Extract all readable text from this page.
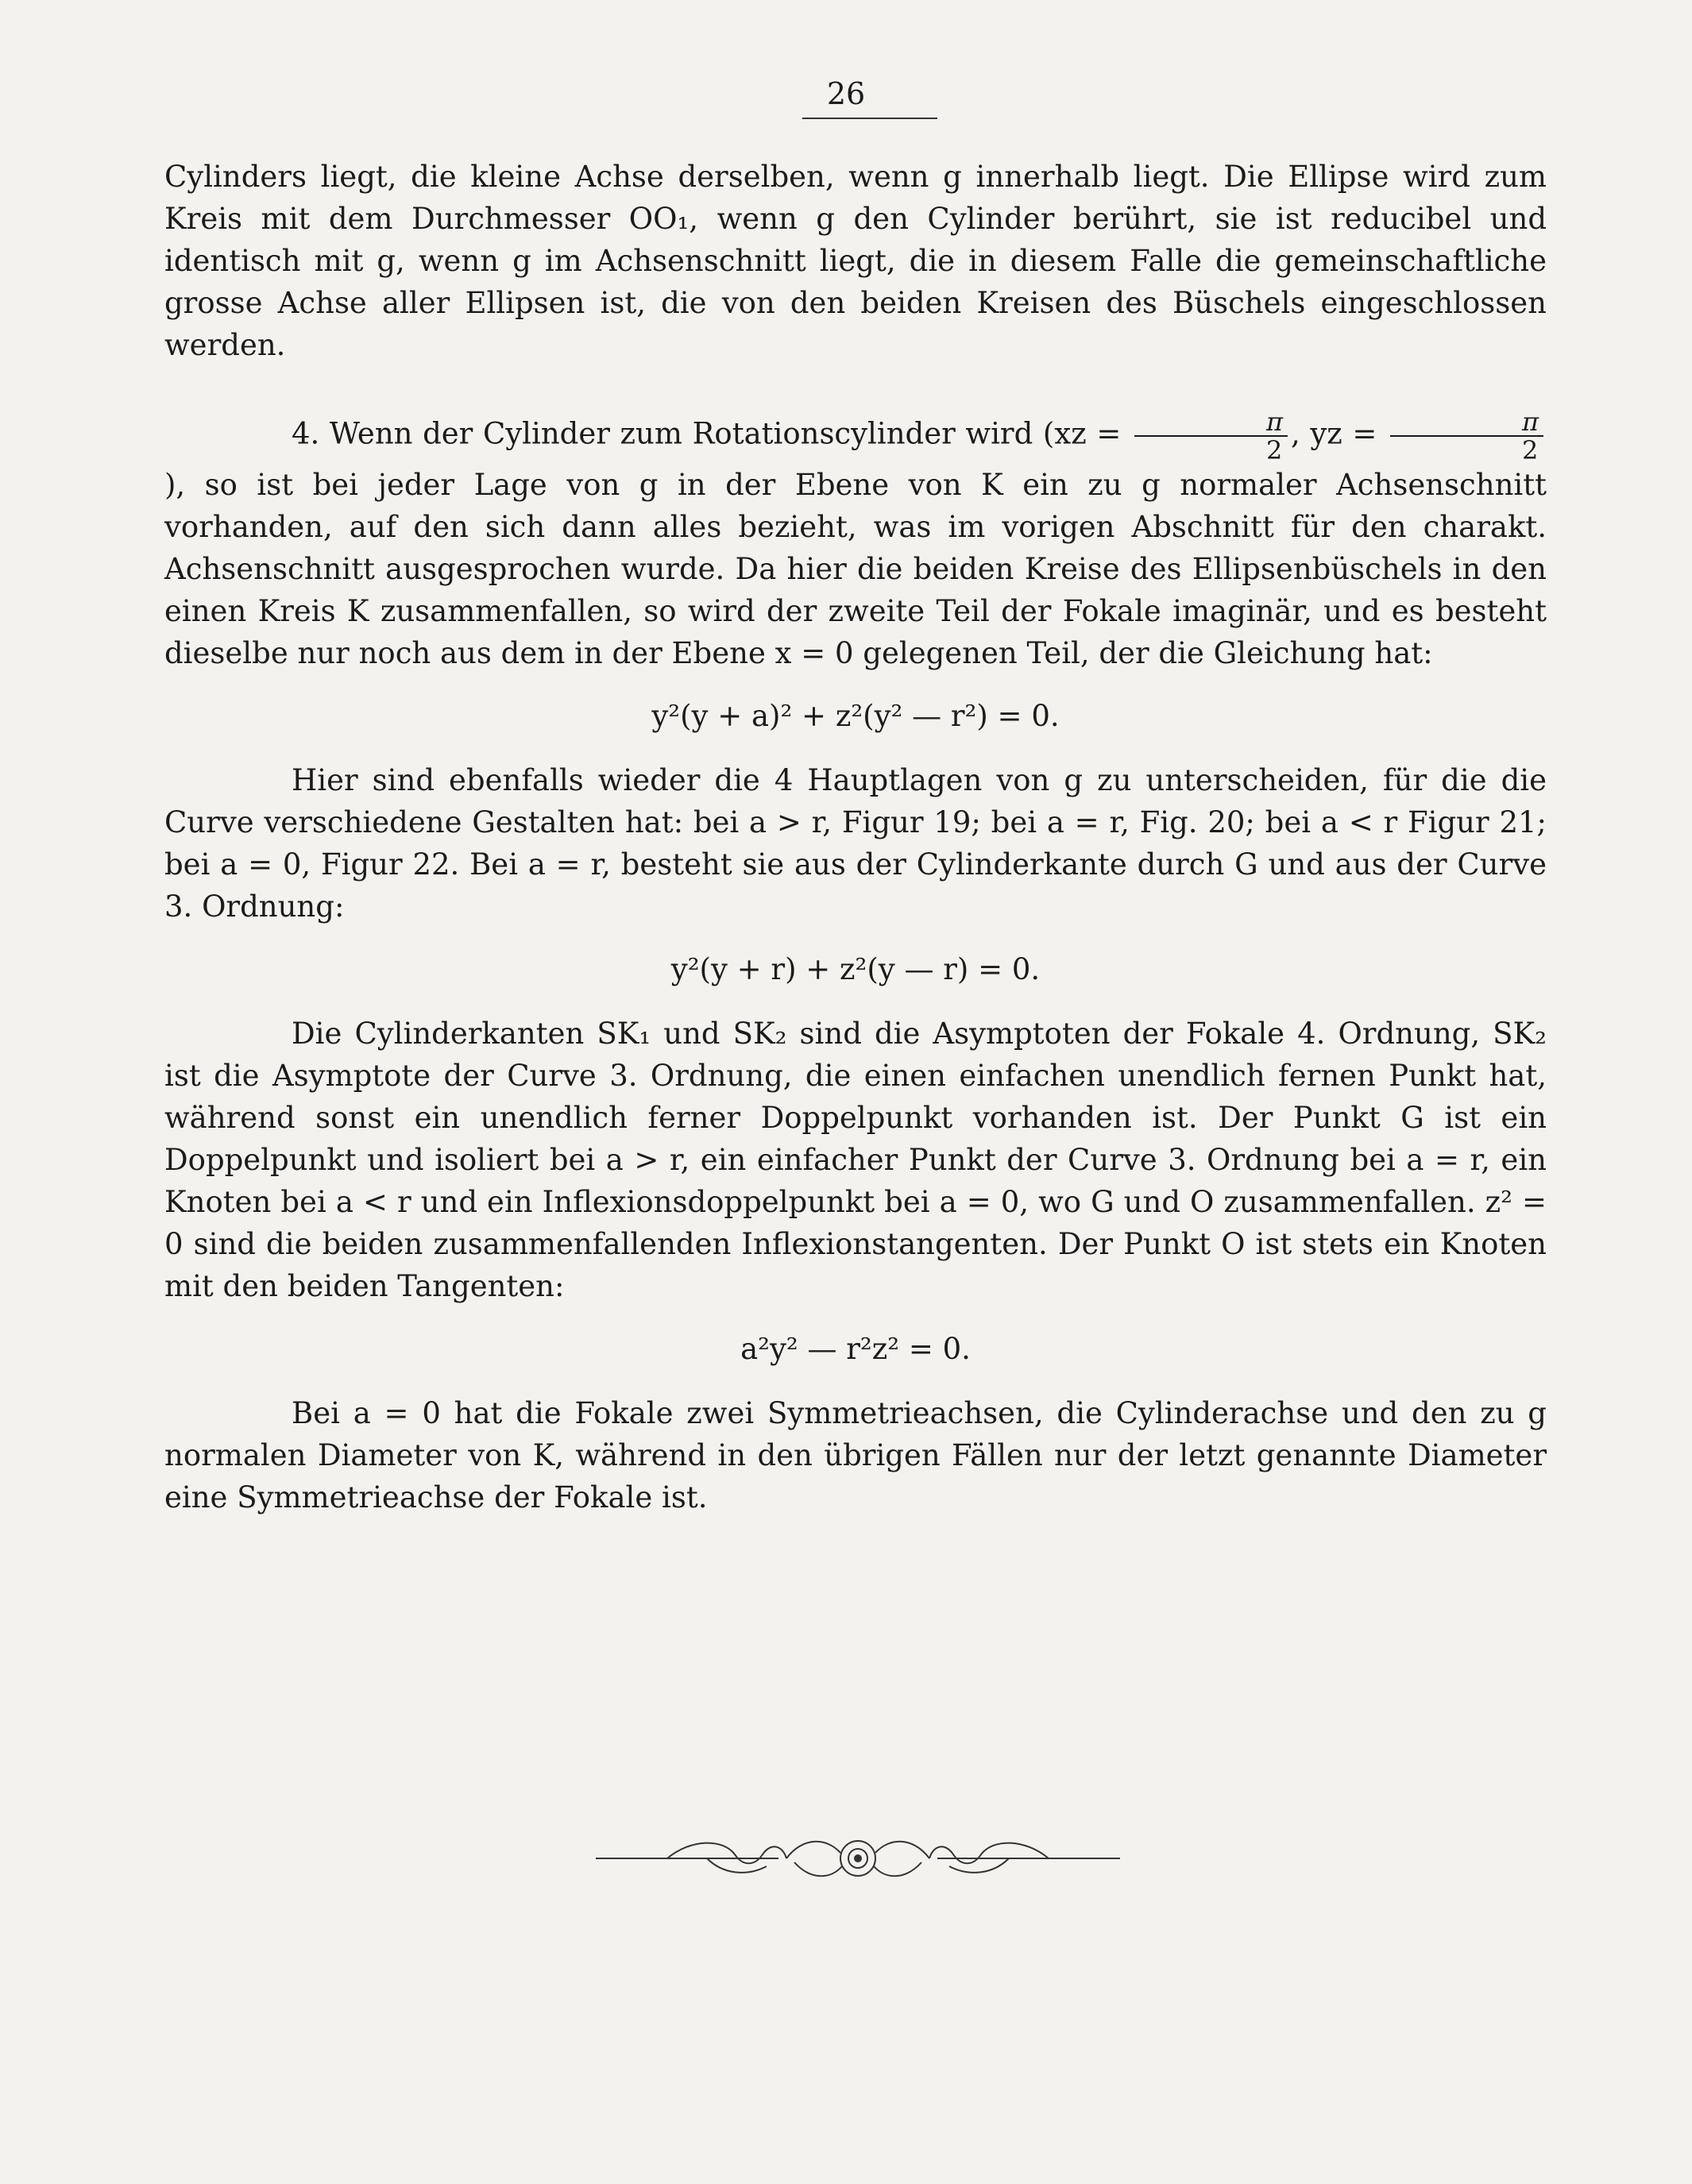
26

Cylinders liegt, die kleine Achse derselben, wenn g innerhalb liegt. Die Ellipse wird zum Kreis mit dem Durchmesser OO₁, wenn g den Cylinder berührt, sie ist reducibel und identisch mit g, wenn g im Achsenschnitt liegt, die in diesem Falle die gemeinschaftliche grosse Achse aller Ellipsen ist, die von den beiden Kreisen des Büschels eingeschlossen werden.

4. Wenn der Cylinder zum Rotationscylinder wird ($xz = \frac{\pi}{2}$ , yz = $\frac{\pi}{2}$
), so ist bei jeder Lage von g in der Ebene von K ein zu g normaler Achsenschnitt vorhanden, auf den sich dann alles bezieht, was im vorigen Abschnitt für den charakt. Achsenschnitt ausgesprochen wurde. Da hier die beiden Kreise des Ellipsenbüschels in den einen Kreis K zusammenfallen, so wird der zweite Teil der Fokale imaginär, und es besteht dieselbe nur noch aus dem in der Ebene x = 0 gelegenen Teil, der die Gleichung hat:

y²(y + a)² + z²(y² — r²) = 0.

Hier sind ebenfalls wieder die 4 Hauptlagen von g zu unterscheiden, für die die Curve verschiedene Gestalten hat: bei a > r, Figur 19; bei a = r, Fig. 20; bei a < r Figur 21; bei a = 0, Figur 22. Bei a = r, besteht sie aus der Cylinderkante durch G und aus der Curve 3. Ordnung:

y²(y + r) + z²(y — r) = 0.

Die Cylinderkanten SK₁ und SK₂ sind die Asymptoten der Fokale 4. Ordnung, SK₂ ist die Asymptote der Curve 3. Ordnung, die einen einfachen unendlich fernen Punkt hat, während sonst ein unendlich ferner Doppelpunkt vorhanden ist. Der Punkt G ist ein Doppelpunkt und isoliert bei a > r, ein einfacher Punkt der Curve 3. Ordnung bei a = r, ein Knoten bei a < r und ein Inflexionsdoppelpunkt bei a = 0, wo G und O zusammenfallen. z² = 0 sind die beiden zusammenfallenden Inflexionstangenten. Der Punkt O ist stets ein Knoten mit den beiden Tangenten:

a²y² — r²z² = 0.

Bei a = 0 hat die Fokale zwei Symmetrieachsen, die Cylinderachse und den zu g normalen Diameter von K, während in den übrigen Fällen nur der letzt genannte Diameter eine Symmetrieachse der Fokale ist.
